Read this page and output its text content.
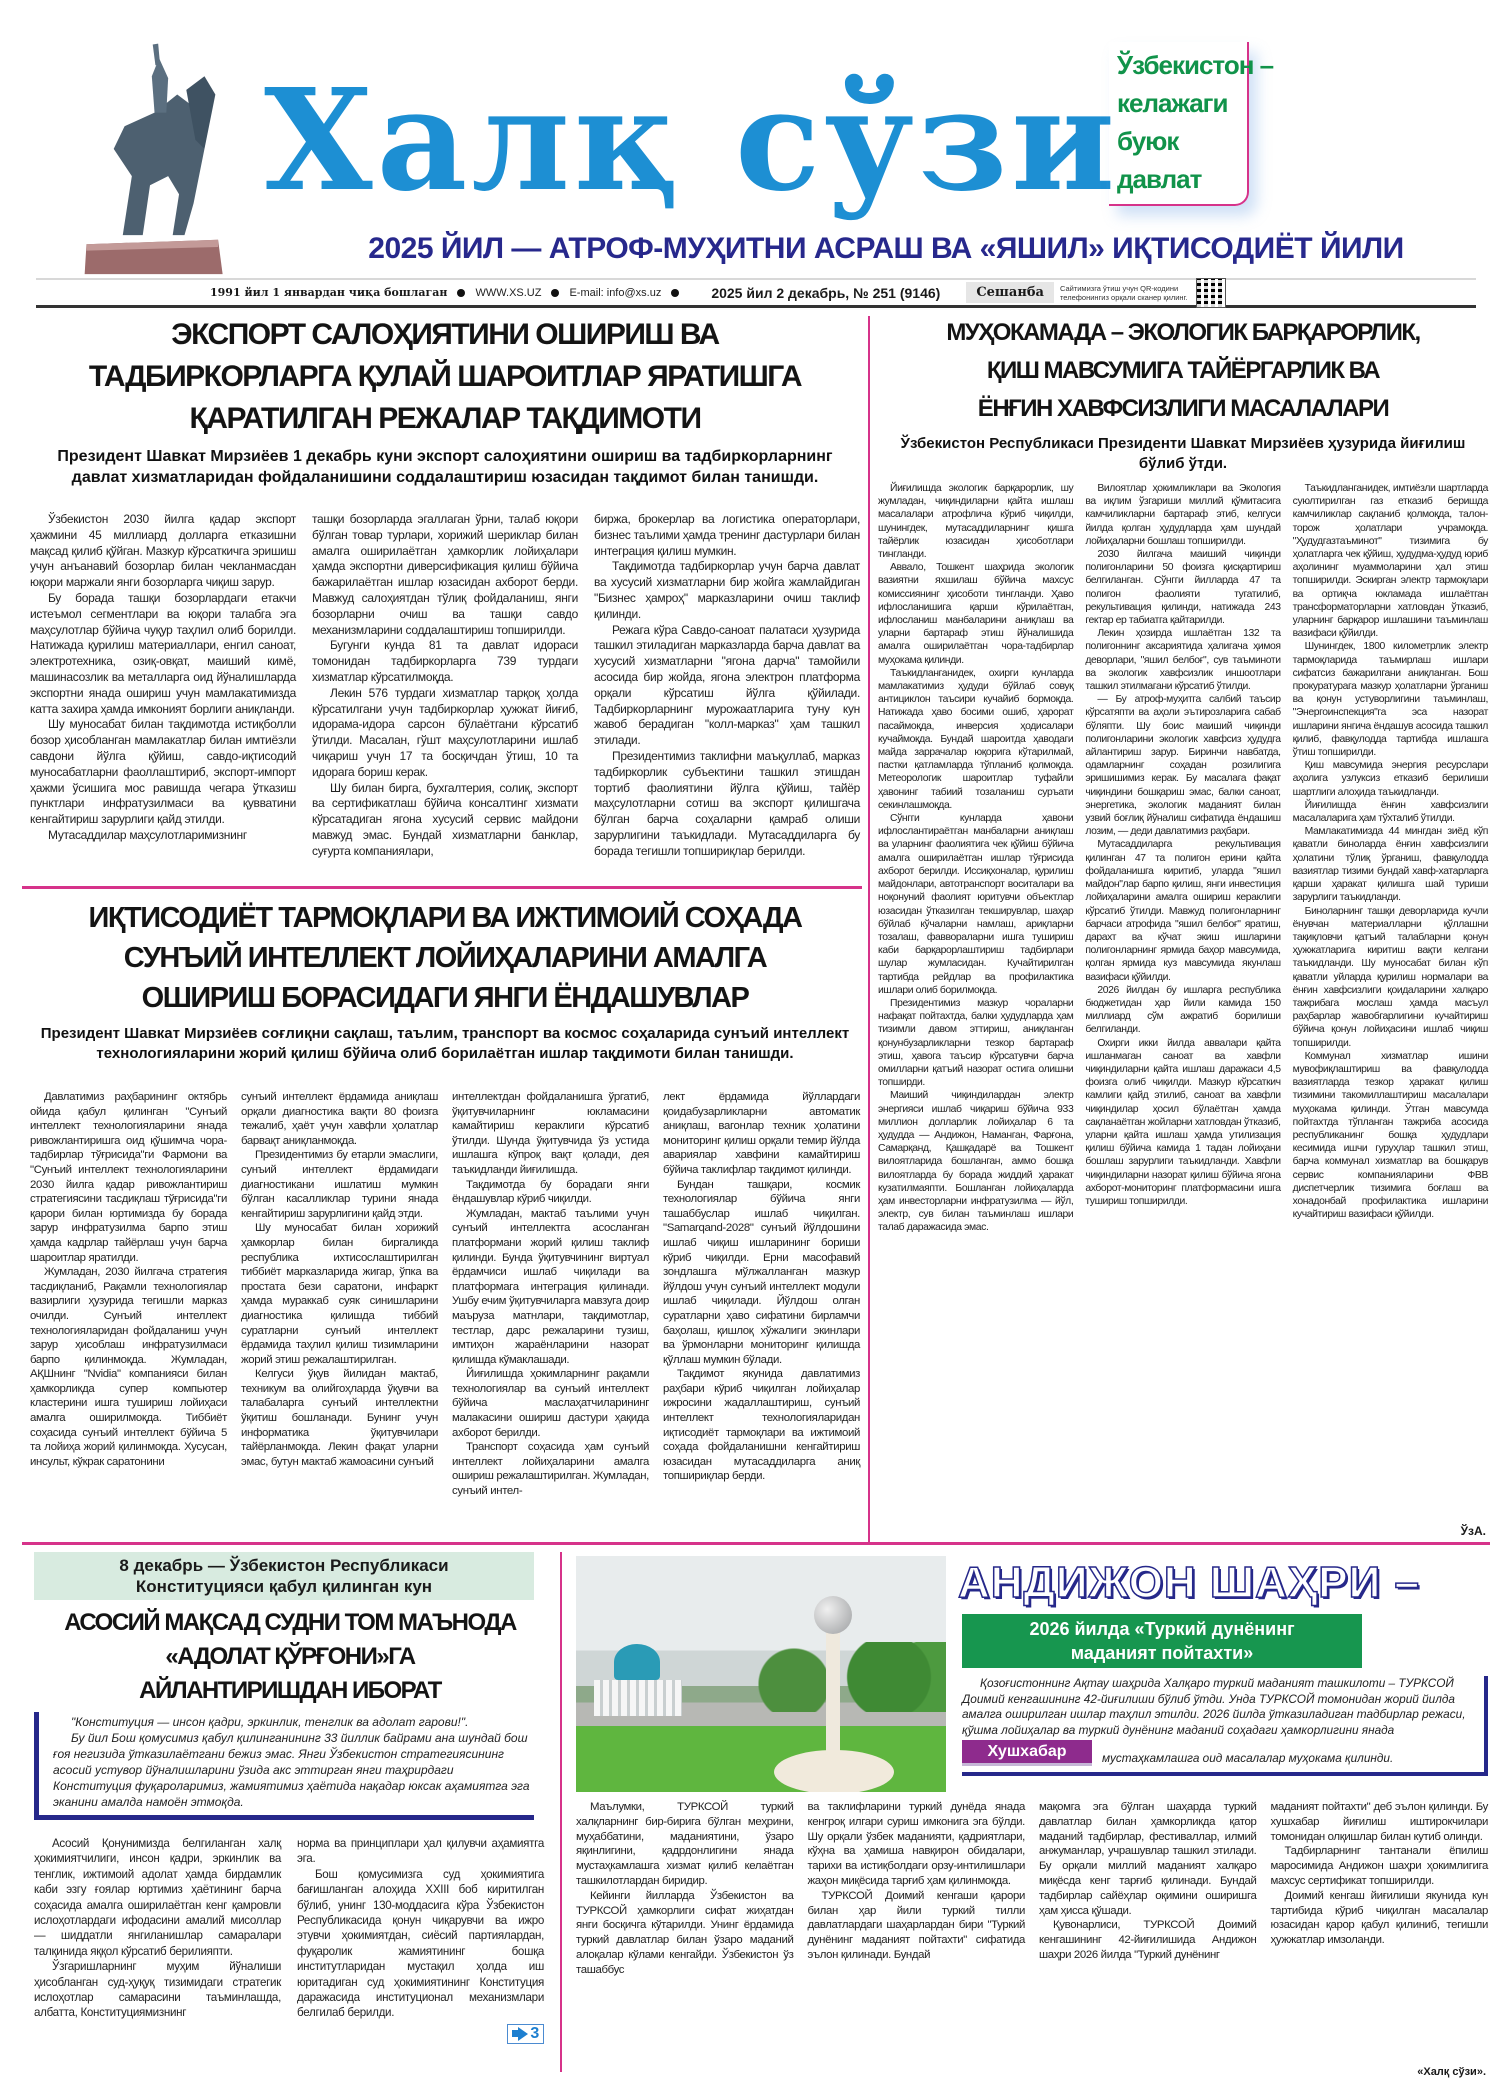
Халқ сўзи
Ўзбекистон –
келажаги
буюк
давлат
2025 ЙИЛ — АТРОФ-МУҲИТНИ АСРАШ ВА «ЯШИЛ» ИҚТИСОДИЁТ ЙИЛИ
1991 йил 1 январдан чиқа бошлаган	WWW.XS.UZ	E-mail: info@xs.uz	2025 йил 2 декабрь, № 251 (9146)	Сешанба	Сайтимизга ўтиш учун QR-кодини телефонингиз орқали сканер қилинг.
ЭКСПОРТ САЛОҲИЯТИНИ ОШИРИШ ВА
ТАДБИРКОРЛАРГА ҚУЛАЙ ШАРОИТЛАР ЯРАТИШГА
ҚАРАТИЛГАН РЕЖАЛАР ТАҚДИМОТИ

Президент Шавкат Мирзиёев 1 декабрь куни экспорт салоҳиятини ошириш ва тадбиркорларнинг давлат хизматларидан фойдаланишини соддалаштириш юзасидан тақдимот билан танишди.

Ўзбекистон 2030 йилга қадар экспорт ҳажмини 45 миллиард долларга етказишни мақсад қилиб қўйган. Мазкур кўрсаткичга эришиш учун анъанавий бозорлар билан чекланмасдан юқори маржали янги бозорларга чиқиш зарур.

Бу борада ташқи бозорлардаги етакчи истеъмол сегментлари ва юқори талабга эга маҳсулотлар бўйича чуқур таҳлил олиб борилди. Натижада қурилиш материаллари, енгил саноат, электротехника, озиқ-овқат, маиший кимё, машинасозлик ва металларга оид йўналишларда экспортни янада ошириш учун мамлакатимизда катта захира ҳамда имконият борлиги аниқланди.

Шу муносабат билан тақдимотда истиқболли бозор ҳисобланган мамлакатлар билан имтиёзли савдони йўлга қўйиш, савдо-иқтисодий муносабатларни фаоллаштириб, экспорт-импорт ҳажми ўсишига мос равишда чегара ўтказиш пунктлари инфратузилмаси ва қувватини кенгайтириш зарурлиги қайд этилди.

Мутасаддилар маҳсулотларимизнинг

ташқи бозорларда эгаллаган ўрни, талаб юқори бўлган товар турлари, хорижий шериклар билан амалга оширилаётган ҳамкорлик лойиҳалари ҳамда экспортни диверсификация қилиш бўйича бажарилаётган ишлар юзасидан ахборот берди. Мавжуд салоҳиятдан тўлиқ фойдаланиш, янги бозорларни очиш ва ташқи савдо механизмларини соддалаштириш топширилди.

Бугунги кунда 81 та давлат идораси томонидан тадбиркорларга 739 турдаги хизматлар кўрсатилмоқда.

Лекин 576 турдаги хизматлар тарқоқ ҳолда кўрсатилгани учун тадбиркорлар ҳужжат йиғиб, идорама-идора сарсон бўлаётгани кўрсатиб ўтилди. Масалан, гўшт маҳсулотларини ишлаб чиқариш учун 17 та босқичдан ўтиш, 10 та идорага бориш керак.

Шу билан бирга, бухгалтерия, солиқ, экспорт ва сертификатлаш бўйича консалтинг хизмати кўрсатадиган ягона хусусий сервис майдони мавжуд эмас. Бундай хизматларни банклар, суғурта компаниялари,

биржа, брокерлар ва логистика операторлари, бизнес таълими ҳамда тренинг дастурлари билан интеграция қилиш мумкин.

Тақдимотда тадбиркорлар учун барча давлат ва хусусий хизматларни бир жойга жамлайдиган "Бизнес ҳамроҳ" марказларини очиш таклиф қилинди.

Режага кўра Савдо-саноат палатаси ҳузурида ташкил этиладиган марказларда барча давлат ва хусусий хизматларни "ягона дарча" тамойили асосида бир жойда, ягона электрон платформа орқали кўрсатиш йўлга қўйилади. Тадбиркорларнинг мурожаатларига туну кун жавоб берадиган "колл-марказ" ҳам ташкил этилади.

Президентимиз таклифни маъқуллаб, марказ тадбиркорлик субъектини ташкил этишдан тортиб фаолиятини йўлга қўйиш, тайёр маҳсулотларни сотиш ва экспорт қилишгача бўлган барча соҳаларни қамраб олиши зарурлигини таъкидлади. Мутасаддиларга бу борада тегишли топшириқлар берилди.

МУҲОКАМАДА – ЭКОЛОГИК БАРҚАРОРЛИК,
ҚИШ МАВСУМИГА ТАЙЁРГАРЛИК ВА
ЁНҒИН ХАВФСИЗЛИГИ МАСАЛАЛАРИ

Ўзбекистон Республикаси Президенти Шавкат Мирзиёев ҳузурида йиғилиш бўлиб ўтди.

Йиғилишда экологик барқарорлик, шу жумладан, чиқиндиларни қайта ишлаш масалалари атрофлича кўриб чиқилди, шунингдек, мутасаддиларнинг қишга тайёрлик юзасидан ҳисоботлари тингланди.

Аввало, Тошкент шаҳрида экологик вазиятни яхшилаш бўйича махсус комиссиянинг ҳисоботи тингланди. Ҳаво ифлосланишига қарши кўрилаётган, ифлосланиш манбаларини аниқлаш ва уларни бартараф этиш йўналишида амалга оширилаётган чора-тадбирлар муҳокама қилинди.

Таъкидланганидек, охирги кунларда мамлакатимиз ҳудуди бўйлаб совуқ антициклон таъсири кучайиб бормоқда. Натижада ҳаво босими ошиб, ҳарорат пасаймоқда, инверсия ҳодисалари кучаймоқда. Бундай шароитда ҳаводаги майда заррачалар юқорига кўтарилмай, пастки қатламларда тўпланиб қолмоқда. Метеорологик шароитлар туфайли ҳавонинг табиий тозаланиш суръати секинлашмоқда.

Сўнгги кунларда ҳавони ифлослантираётган манбаларни аниқлаш ва уларнинг фаолиятига чек қўйиш бўйича амалга оширилаётган ишлар тўғрисида ахборот берилди. Иссиқхоналар, қурилиш майдонлари, автотранспорт воситалари ва ноқонуний фаолият юритувчи объектлар юзасидан ўтказилган текширувлар, шаҳар бўйлаб кўчаларни намлаш, ариқларни тозалаш, фавворaларни ишга тушириш каби барқарорлаштириш тадбирлари шулар жумласидан. Кучайтирилган тартибда рейдлар ва профилактика ишлари олиб борилмоқда.

Президентимиз мазкур чораларни нафақат пойтахтда, балки ҳудудларда ҳам тизимли давом эттириш, аниқланган қонунбузарликларни тезкор бартараф этиш, ҳавога таъсир кўрсатувчи барча омилларни қатъий назорат остига олишни топширди.

Маиший чиқиндилардан электр энергияси ишлаб чиқариш бўйича 933 миллион долларлик лойиҳалар 6 та ҳудудда — Андижон, Наманган, Фарғона, Самарқанд, Қашқадарё ва Тошкент вилоятларида бошланган, аммо бошқа вилоятларда бу борада жиддий ҳаракат кузатилмаяпти. Бошланган лойиҳаларда ҳам инвесторларни инфратузилма — йўл, электр, сув билан таъминлаш ишлари талаб даражасида эмас.

Вилоятлар ҳокимликлари ва Экология ва иқлим ўзгариши миллий қўмитасига камчиликларни бартараф этиб, келгуси йилда қолган ҳудудларда ҳам шундай лойиҳаларни бошлаш топширилди.

2030 йилгача маиший чиқинди полигонларини 50 фоизга қисқартириш белгиланган. Сўнгги йилларда 47 та полигон фаолияти тугатилиб, рекультивация қилинди, натижада 243 гектар ер табиатга қайтарилди.

Лекин ҳозирда ишлаётган 132 та полигоннинг аксариятида ҳалигача ҳимоя деворлари, "яшил белбоғ", сув таъминоти ва экологик хавфсизлик иншоотлари ташкил этилмагани кўрсатиб ўтилди.

— Бу атроф-муҳитга салбий таъсир кўрсатяпти ва аҳоли эътирозларига сабаб бўляпти. Шу боис маиший чиқинди полигонларини экологик хавфсиз ҳудудга айлантириш зарур. Биринчи навбатда, одамларнинг соҳадан розилигига эришишимиз керак. Бу масалага фақат чиқиндини бошқариш эмас, балки саноат, энергетика, экологик маданият билан узвий боғлиқ йўналиш сифатида ёндашиш лозим, — деди давлатимиз раҳбари.

Мутасаддиларга рекультивация қилинган 47 та полигон ерини қайта фойдаланишга киритиб, уларда "яшил майдон"лар барпо қилиш, янги инвестиция лойиҳаларини амалга ошириш кераклиги кўрсатиб ўтилди. Мавжуд полигонларнинг барчаси атрофида "яшил белбоғ" яратиш, дарахт ва кўчат экиш ишларини полигонларнинг ярмида баҳор мавсумида, қолган ярмида куз мавсумида якунлаш вазифаси қўйилди.

2026 йилдан бу ишларга республика бюджетидан ҳар йили камида 150 миллиард сўм ажратиб борилиши белгиланди.

Охирги икки йилда аввалари қайта ишланмаган саноат ва хавфли чиқиндиларни қайта ишлаш даражаси 4,5 фоизга олиб чиқилди. Мазкур кўрсаткич камлиги қайд этилиб, саноат ва хавфли чиқиндилар ҳосил бўлаётган ҳамда сақланаётган жойларни хатловдан ўтказиб, уларни қайта ишлаш ҳамда утилизация қилиш бўйича камида 1 тадан лойиҳани бошлаш зарурлиги таъкидланди. Хавфли чиқиндиларни назорат қилиш бўйича ягона ахборот-мониторинг платформасини ишга тушириш топширилди.

Таъкидланганидек, имтиёзли шартларда суюлтирилган газ етказиб беришда камчиликлар сақланиб қолмоқда, талон-торож ҳолатлари учрамоқда. "Ҳудудгазтаъминот" тизимига бу ҳолатларга чек қўйиш, ҳудудма-ҳудуд юриб аҳолининг муаммоларини ҳал этиш топширилди. Эскирган электр тармоқлари ва ортиқча юкламада ишлаётган трансформаторларни хатловдан ўтказиб, уларнинг барқарор ишлашини таъминлаш вазифаси қўйилди.

Шунингдек, 1800 километрлик электр тармоқларида таъмирлаш ишлари сифатсиз бажарилгани аниқланган. Бош прокуратурага мазкур ҳолатларни ўрганиш ва қонун устуворлигини таъминлаш, "Энергоинспекция"га эса назорат ишларини янгича ёндашув асосида ташкил қилиб, фавқулодда тартибда ишлашга ўтиш топширилди.

Қиш мавсумида энергия ресурслари аҳолига узлуксиз етказиб берилиши шартлиги алоҳида таъкидланди.

Йиғилишда ёнғин хавфсизлиги масалаларига ҳам тўхталиб ўтилди.

Мамлакатимизда 44 мингдан зиёд кўп қаватли биноларда ёнғин хавфсизлиги ҳолатини тўлиқ ўрганиш, фавқулодда вазиятлар тизими бундай хавф-хатарларга қарши ҳаракат қилишга шай туриши зарурлиги таъкидланди.

Биноларнинг ташқи деворларида кучли ёнувчан материалларни қўллашни тақиқловчи қатъий талабларни қонун ҳужжатларига киритиш вақти келгани таъкидланди. Шу муносабат билан кўп қаватли уйларда қурилиш нормалари ва ёнғин хавфсизлиги қоидаларини халқаро тажрибага мослаш ҳамда масъул раҳбарлар жавобгарлигини кучайтириш бўйича қонун лойиҳасини ишлаб чиқиш топширилди.

Коммунал хизматлар ишини мувофиқлаштириш ва фавқулодда вазиятларда тезкор ҳаракат қилиш тизимини такомиллаштириш масалалари муҳокама қилинди. Ўтган мавсумда пойтахтда тўпланган тажриба асосида республиканинг бошқа ҳудудлари кесимида ишчи гуруҳлар ташкил этиш, барча коммунал хизматлар ва бошқарув сервис компанияларини ФВВ диспетчерлик тизимига боғлаш ва хонадонбай профилактика ишларини кучайтириш вазифаси қўйилди.

ЎзА.
ИҚТИСОДИЁТ ТАРМОҚЛАРИ ВА ИЖТИМОИЙ СОҲАДА
СУНЪИЙ ИНТЕЛЛЕКТ ЛОЙИҲАЛАРИНИ АМАЛГА
ОШИРИШ БОРАСИДАГИ ЯНГИ ЁНДАШУВЛАР

Президент Шавкат Мирзиёев соғлиқни сақлаш, таълим, транспорт ва космос соҳаларида сунъий интеллект технологияларини жорий қилиш бўйича олиб борилаётган ишлар тақдимоти билан танишди.

Давлатимиз раҳбарининг октябрь ойида қабул қилинган "Сунъий интеллект технологияларини янада ривожлантиришга оид қўшимча чора-тадбирлар тўғрисида"ги Фармони ва "Сунъий интеллект технологияларини 2030 йилга қадар ривожлантириш стратегиясини тасдиқлаш тўғрисида"ги қарори билан юртимизда бу борада зарур инфратузилма барпо этиш ҳамда кадрлар тайёрлаш учун барча шароитлар яратилди.

Жумладан, 2030 йилгача стратегия тасдиқланиб, Рақамли технологиялар вазирлиги ҳузурида тегишли марказ очилди. Сунъий интеллект технологияларидан фойдаланиш учун зарур ҳисоблаш инфратузилмаси барпо қилинмоқда. Жумладан, АҚШнинг "Nvidia" компанияси билан ҳамкорликда супер компьютер кластерини ишга тушириш лойиҳаси амалга оширилмоқда. Тиббиёт соҳасида сунъий интеллект бўйича 5 та лойиҳа жорий қилинмоқда. Хусусан, инсульт, кўкрак саратонини

сунъий интеллект ёрдамида аниқлаш орқали диагностика вақти 80 фоизга тежалиб, ҳаёт учун хавфли ҳолатлар барвақт аниқланмоқда.

Президентимиз бу етарли эмаслиги, сунъий интеллект ёрдамидаги диагностикани ишлатиш мумкин бўлган касалликлар турини янада кенгайтириш зарурлигини қайд этди.

Шу муносабат билан хорижий ҳамкорлар билан биргаликда республика ихтисослаштирилган тиббиёт марказларида жигар, ўпка ва простата бези саратони, инфаркт ҳамда мураккаб суяк синишларини диагностика қилишда тиббий суратларни сунъий интеллект ёрдамида таҳлил қилиш тизимларини жорий этиш режалаштирилган.

Келгуси ўқув йилидан мактаб, техникум ва олийгоҳларда ўқувчи ва талабаларга сунъий интеллектни ўқитиш бошланади. Бунинг учун информатика ўқитувчилари тайёрланмоқда. Лекин фақат уларни эмас, бутун мактаб жамоасини сунъий

интеллектдан фойдаланишга ўргатиб, ўқитувчиларнинг юкламасини камайтириш кераклиги кўрсатиб ўтилди. Шунда ўқитувчида ўз устида ишлашга кўпроқ вақт қолади, дея таъкидланди йиғилишда.

Тақдимотда бу борадаги янги ёндашувлар кўриб чиқилди.

Жумладан, мактаб таълими учун сунъий интеллектга асосланган платформани жорий қилиш таклиф қилинди. Бунда ўқитувчининг виртуал ёрдамчиси ишлаб чиқилади ва платформага интеграция қилинади. Ушбу ечим ўқитувчиларга мавзуга доир маъруза матнлари, тақдимотлар, тестлар, дарс режаларини тузиш, имтиҳон жараёнларини назорат қилишда кўмаклашади.

Йиғилишда ҳокимларнинг рақамли технологиялар ва сунъий интеллект бўйича маслаҳатчиларининг малакасини ошириш дастури ҳақида ахборот берилди.

Транспорт соҳасида ҳам сунъий интеллект лойиҳаларини амалга ошириш режалаштирилган. Жумладан, сунъий интел-

лект ёрдамида йўллардаги қоидабузарликларни автоматик аниқлаш, вагонлар техник ҳолатини мониторинг қилиш орқали темир йўлда авариялар хавфини камайтириш бўйича таклифлар тақдимот қилинди.

Бундан ташқари, космик технологиялар бўйича янги ташаббуслар ишлаб чиқилган. "Samarqand-2028" сунъий йўлдошини ишлаб чиқиш ишларининг бориши кўриб чиқилди. Ерни масофавий зондлашга мўлжалланган мазкур йўлдош учун сунъий интеллект модули ишлаб чиқилади. Йўлдош олган суратларни ҳаво сифатини бирламчи баҳолаш, қишлоқ хўжалиги экинлари ва ўрмонларни мониторинг қилишда қўллаш мумкин бўлади.

Тақдимот якунида давлатимиз раҳбари кўриб чиқилган лойиҳалар ижросини жадаллаштириш, сунъий интеллект технологияларидан иқтисодиёт тармоқлари ва ижтимоий соҳада фойдаланишни кенгайтириш юзасидан мутасаддиларга аниқ топшириқлар берди.

8 декабрь — Ўзбекистон Республикаси
Конституцияси қабул қилинган кун
АСОСИЙ МАҚСАД СУДНИ ТОМ МАЪНОДА
«АДОЛАТ ҚЎРҒОНИ»ГА
АЙЛАНТИРИШДАН ИБОРАТ

"Конституция — инсон қадри, эркинлик, тенглик ва адолат гарови!".

Бу йил Бош қомусимиз қабул қилинганининг 33 йиллик байрами ана шундай бош ғоя негизида ўтказилаётгани бежиз эмас. Янги Ўзбекистон стратегиясининг асосий устувор йўналишларини ўзида акс эттирган янги таҳрирдаги Конституция фуқароларимиз, жамиятимиз ҳаётида нақадар юксак аҳамиятга эга эканини амалда намоён этмоқда.

Асосий Қонунимизда белгиланган халқ ҳокимиятчилиги, инсон қадри, эркинлик ва тенглик, ижтимоий адолат ҳамда бирдамлик каби эзгу ғоялар юртимиз ҳаётининг барча соҳасида амалга оширилаётган кенг қамровли ислоҳотлардаги ифодасини амалий мисоллар — шиддатли янгиланишлар самаралари талқинида яққол кўрсатиб берилияпти.

Ўзгаришларнинг муҳим йўналиши ҳисобланган суд-ҳуқуқ тизимидаги стратегик ислоҳотлар самарасини таъминлашда, албатта, Конституциямизнинг

норма ва принциплари ҳал қилувчи аҳамиятга эга.

Бош қомусимизга суд ҳокимиятига бағишланган алоҳида XXIII боб киритилган бўлиб, унинг 130-моддасига кўра Ўзбекистон Республикасида қонун чиқарувчи ва ижро этувчи ҳокимиятдан, сиёсий партиялардан, фуқаролик жамиятининг бошқа институтларидан мустақил ҳолда иш юритадиган суд ҳокимиятининг Конституция даражасида институционал механизмлари белгилаб берилди.

3

АНДИЖОН ШАҲРИ –
2026 йилда «Туркий дунёнинг
маданият пойтахти»

Қозоғистоннинг Ақтау шаҳрида Халқаро туркий маданият ташкилоти – ТУРКСОЙ Доимий кенгашининг 42-йиғилиши бўлиб ўтди. Унда ТУРКСОЙ томонидан жорий йилда амалга оширилган ишлар таҳлил этилди. 2026 йилда ўтказиладиган тадбирлар режаси, қўшма лойиҳалар ва туркий дунёнинг маданий соҳадаги ҳамкорлигини янада

Хушхабар	мустаҳкамлашга оид масалалар муҳокама қилинди.

Маълумки, ТУРКСОЙ туркий халқларнинг бир-бирига бўлган меҳрини, муҳаббатини, маданиятини, ўзаро яқинлигини, қадрдонлигини янада мустаҳкамлашга хизмат қилиб келаётган ташкилотлардан биридир.

Кейинги йилларда Ўзбекистон ва ТУРКСОЙ ҳамкорлиги сифат жиҳатдан янги босқичга кўтарилди. Унинг ёрдамида туркий давлатлар билан ўзаро маданий алоқалар кўлами кенгайди. Ўзбекистон ўз ташаббус

ва таклифларини туркий дунёда янада кенгроқ илгари суриш имконига эга бўлди. Шу орқали ўзбек маданияти, қадриятлари, кўҳна ва ҳамиша навқирон обидалари, тарихи ва истиқболдаги орзу-интилишлари жаҳон миқёсида тарғиб ҳам қилинмоқда.

ТУРКСОЙ Доимий кенгаши қарори билан ҳар йили туркий тилли давлатлардаги шаҳарлардан бири "Туркий дунёнинг маданият пойтахти" сифатида эълон қилинади. Бундай

мақомга эга бўлган шаҳарда туркий давлатлар билан ҳамкорликда қатор маданий тадбирлар, фестиваллар, илмий анжуманлар, учрашувлар ташкил этилади. Бу орқали миллий маданият халқаро миқёсда кенг тарғиб қилинади. Бундай тадбирлар сайёҳлар оқимини оширишга ҳам ҳисса қўшади.

Қувонарлиси, ТУРКСОЙ Доимий кенгашининг 42-йиғилишида Андижон шаҳри 2026 йилда "Туркий дунёнинг

маданият пойтахти" деб эълон қилинди. Бу хушхабар йиғилиш иштирокчилари томонидан олқишлар билан кутиб олинди.

Тадбирларнинг тантанали ёпилиш маросимида Андижон шаҳри ҳокимлигига махсус сертификат топширилди.

Доимий кенгаш йиғилиши якунида кун тартибида кўриб чиқилган масалалар юзасидан қарор қабул қилиниб, тегишли ҳужжатлар имзоланди.

«Халқ сўзи».
